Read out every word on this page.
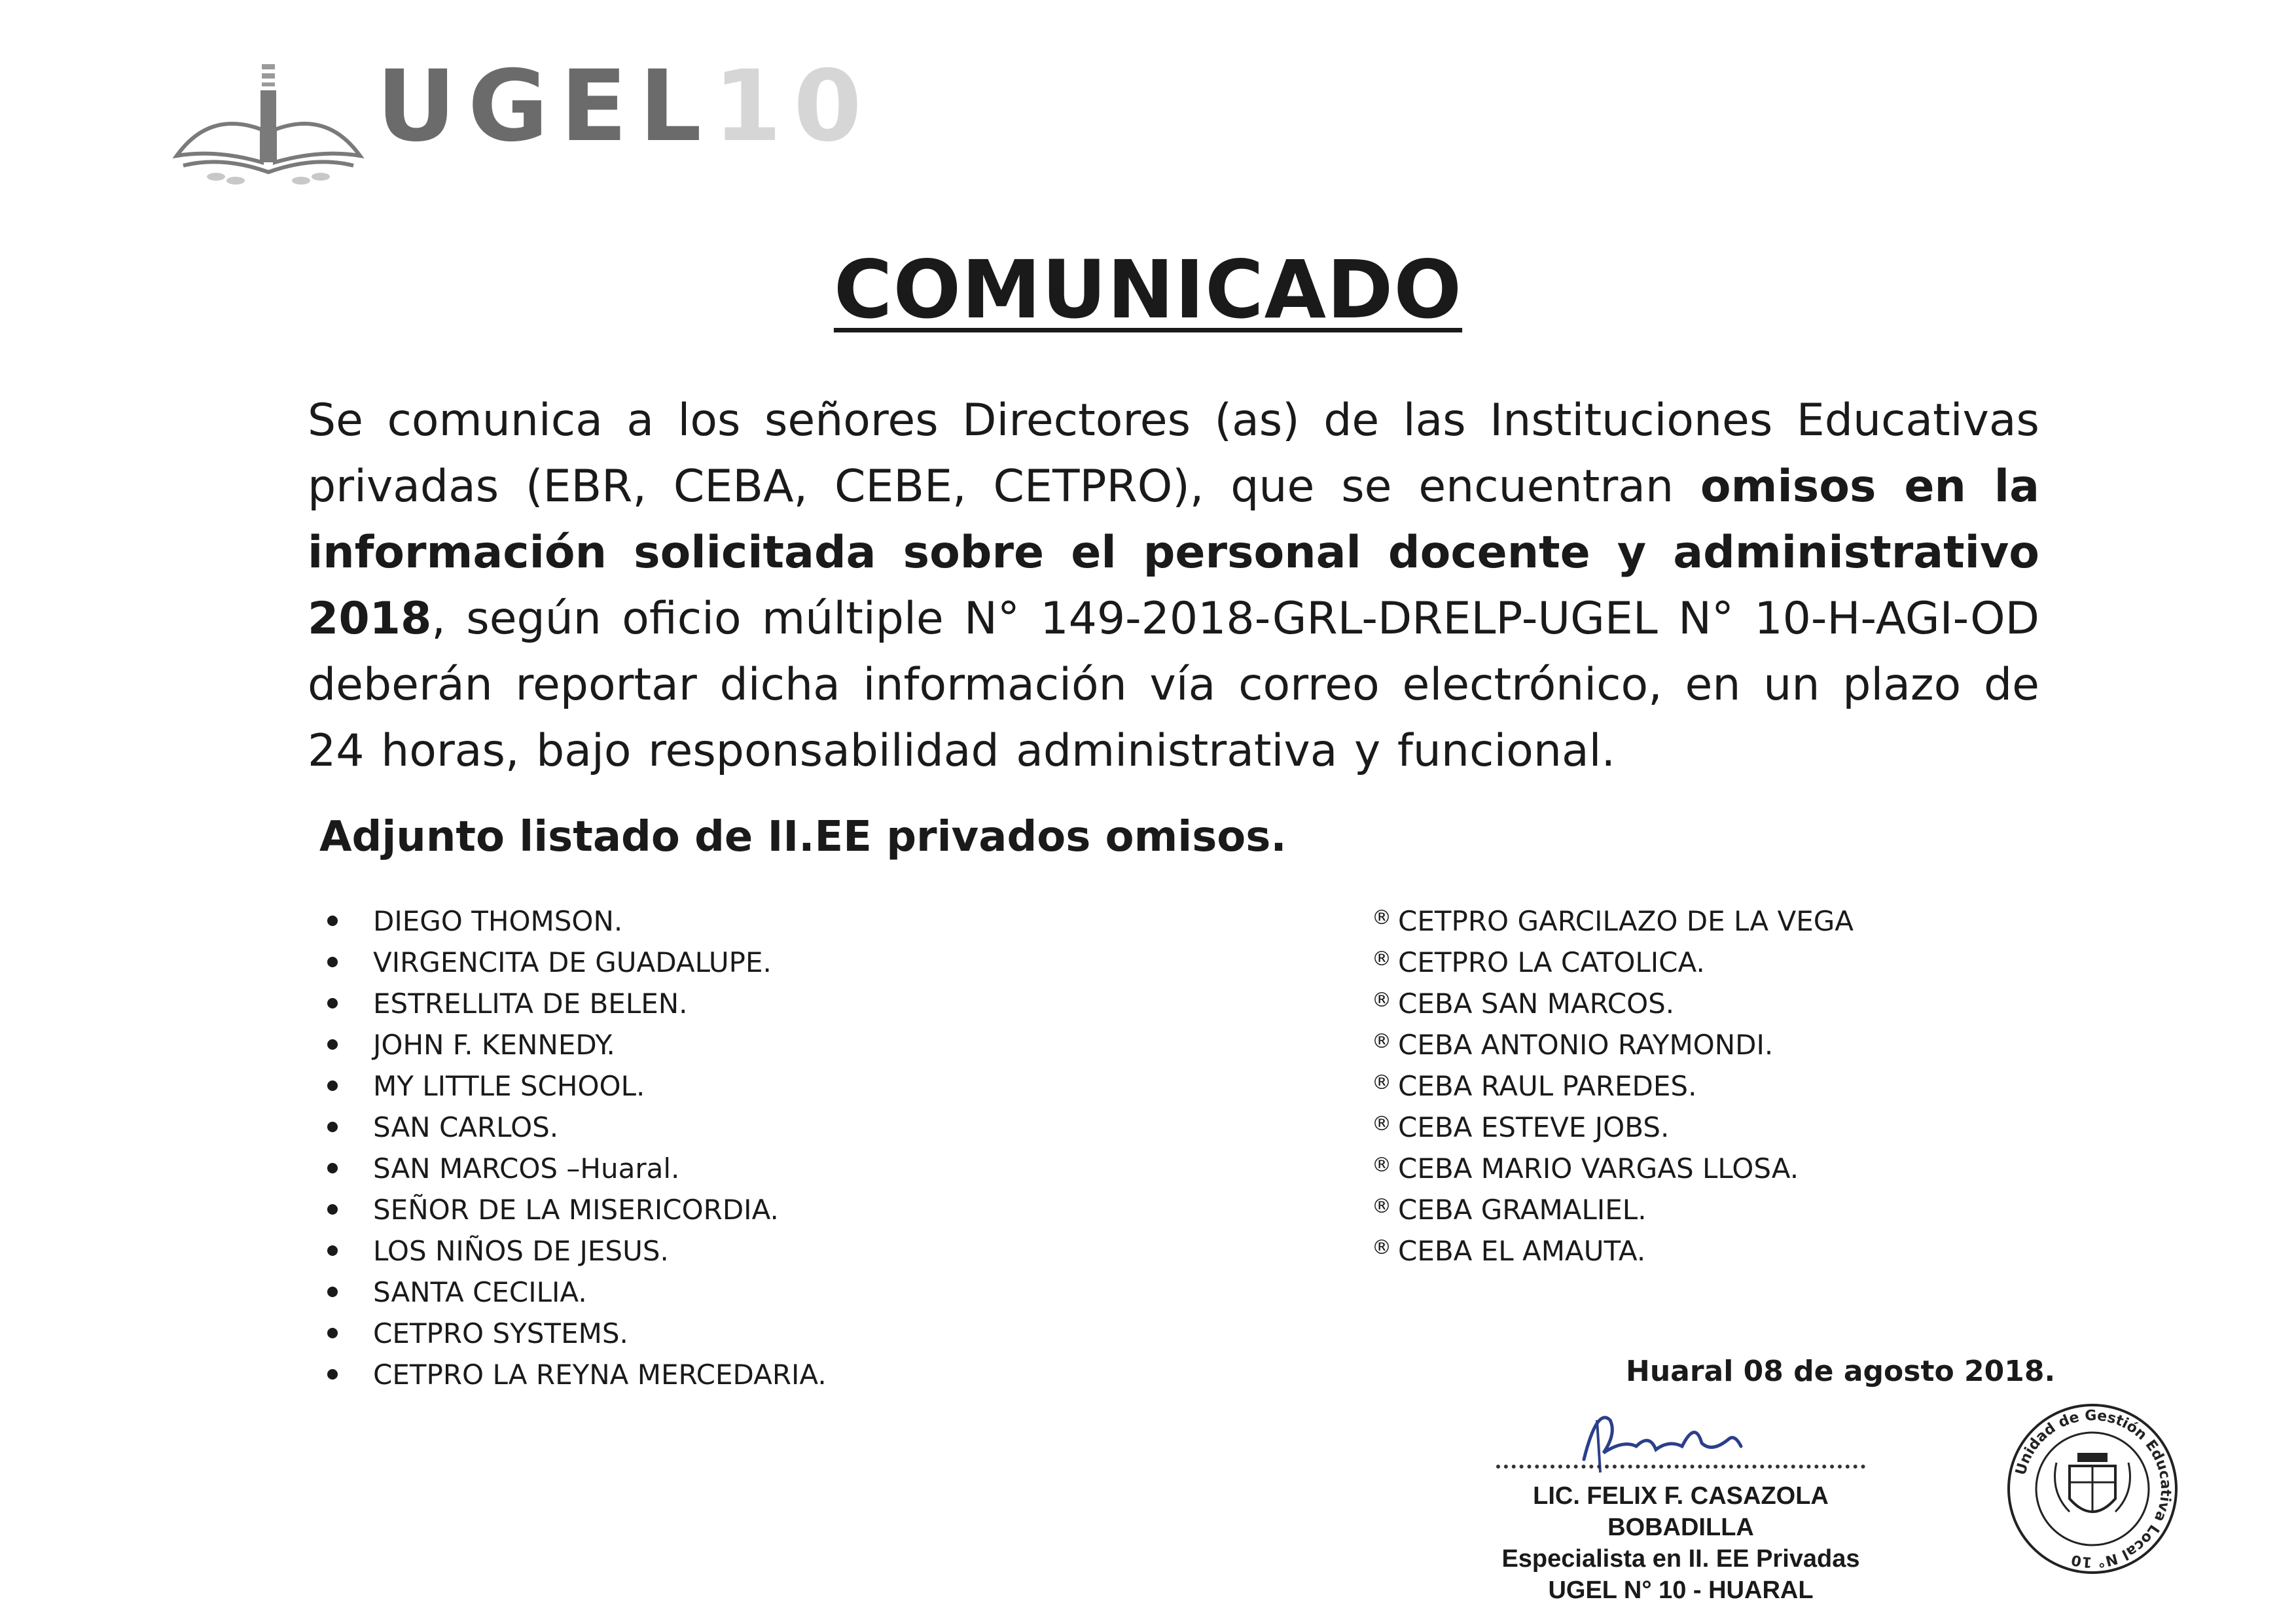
UGEL10
COMUNICADO
Se comunica a los señores Directores (as) de las Instituciones Educativas privadas (EBR, CEBA, CEBE, CETPRO), que se encuentran omisos en la información solicitada sobre el personal docente y administrativo 2018, según oficio múltiple N° 149-2018-GRL-DRELP-UGEL N° 10-H-AGI-OD deberán reportar dicha información vía correo electrónico, en un plazo de 24 horas, bajo responsabilidad administrativa y funcional.
Adjunto listado de II.EE privados omisos.
DIEGO THOMSON.
VIRGENCITA DE GUADALUPE.
ESTRELLITA DE BELEN.
JOHN F. KENNEDY.
MY LITTLE SCHOOL.
SAN CARLOS.
SAN MARCOS –Huaral.
SEÑOR DE LA MISERICORDIA.
LOS NIÑOS DE JESUS.
SANTA CECILIA.
CETPRO SYSTEMS.
CETPRO LA REYNA MERCEDARIA.
® CETPRO GARCILAZO DE LA VEGA
® CETPRO LA CATOLICA.
® CEBA SAN MARCOS.
® CEBA ANTONIO RAYMONDI.
® CEBA RAUL PAREDES.
® CEBA ESTEVE JOBS.
® CEBA MARIO VARGAS LLOSA.
® CEBA GRAMALIEL.
® CEBA EL AMAUTA.
Huaral 08 de agosto 2018.
LIC. FELIX F. CASAZOLA BOBADILLA
Especialista en II. EE Privadas
UGEL N° 10 - HUARAL
Unidad de Gestión Educativa Local N° 10
